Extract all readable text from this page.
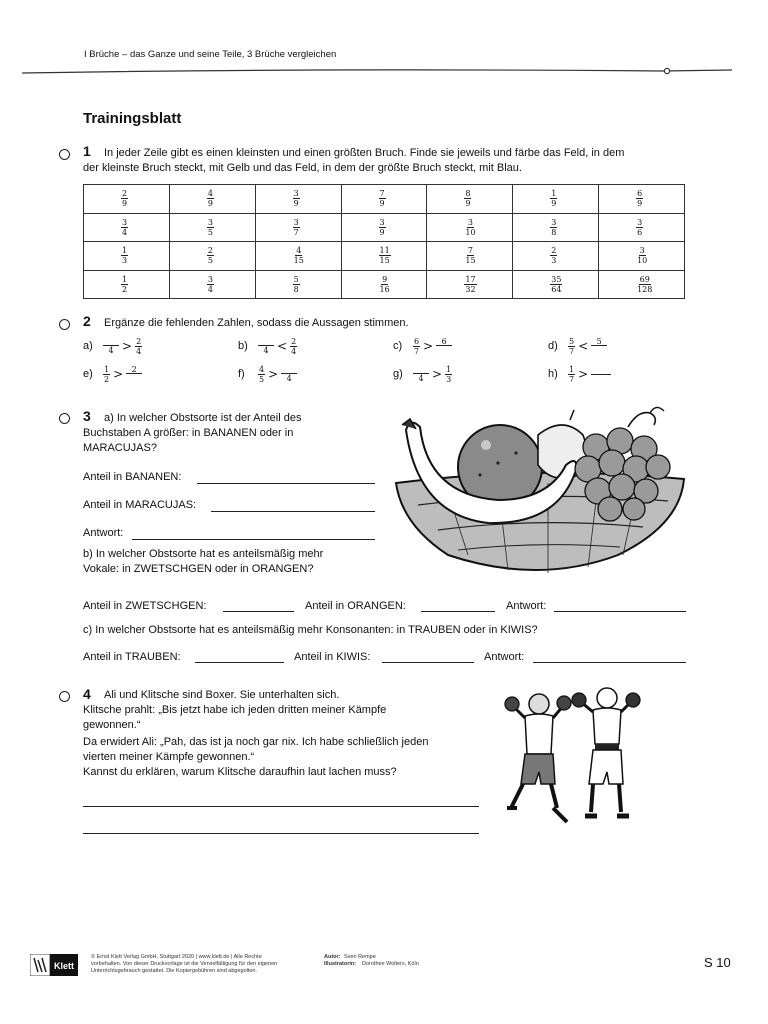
I Brüche – das Ganze und seine Teile, 3 Brüche vergleichen
Trainingsblatt
1 In jeder Zeile gibt es einen kleinsten und einen größten Bruch. Finde sie jeweils und färbe das Feld, in dem
der kleinste Bruch steckt, mit Gelb und das Feld, in dem der größte Bruch steckt, mit Blau.
$\frac{2}{9}$	$\frac{4}{9}$	$\frac{3}{9}$	$\frac{7}{9}$	$\frac{8}{9}$	$\frac{1}{9}$	$\frac{6}{9}$

$\frac{3}{4}$	$\frac{3}{5}$	$\frac{3}{7}$	$\frac{3}{9}$	$\frac{3}{10}$	$\frac{3}{8}$	$\frac{3}{6}$

$\frac{1}{3}$	$\frac{2}{5}$	$\frac{4}{15}$	$\frac{11}{15}$	$\frac{7}{15}$	$\frac{2}{3}$	$\frac{3}{10}$

$\frac{1}{2}$	$\frac{3}{4}$	$\frac{5}{8}$	$\frac{9}{16}$	$\frac{17}{32}$	$\frac{35}{64}$	$\frac{69}{128}$
2 Ergänze die fehlenden Zahlen, sodass die Aussagen stimmen.
a)	$4 > \frac{2}{4}$	b)	$4 < \frac{2}{4}$	c)	$\frac{6}{7}$ >	6	d)	$\frac{5}{7}$ <	5
e)	$\frac{1}{2}$ >	2	f)	$\frac{4}{5} > 4$	g)	$4 > \frac{1}{3}$	h)	$\frac{1}{7}$ >
3 a) In welcher Obstsorte ist der Anteil des
Buchstaben A größer: in BANANEN oder in
MARACUJAS?
Anteil in BANANEN:
Anteil in MARACUJAS:
Antwort:
b) In welcher Obstsorte hat es anteilsmäßig mehr
Vokale: in ZWETSCHGEN oder in ORANGEN?
Anteil in ZWETSCHGEN:	Anteil in ORANGEN:	Antwort:
c) In welcher Obstsorte hat es anteilsmäßig mehr Konsonanten: in TRAUBEN oder in KIWIS?
Anteil in TRAUBEN:	Anteil in KIWIS:	Antwort:
4 Ali und Klitsche sind Boxer. Sie unterhalten sich.
Klitsche prahlt: „Bis jetzt habe ich jeden dritten meiner Kämpfe
gewonnen.“
Da erwidert Ali: „Pah, das ist ja noch gar nix. Ich habe schließlich jeden
vierten meiner Kämpfe gewonnen.“
Kannst du erklären, warum Klitsche daraufhin laut lachen muss?
Klett
© Ernst Klett Verlag GmbH, Stuttgart 2020 | www.klett.de | Alle Rechte
vorbehalten. Von dieser Druckvorlage ist die Vervielfältigung für den eigenen
Unterrichtsgebrauch gestattet. Die Kopiergebühren sind abgegolten.
Autor: Sven Rempe
Illustratorin: Dorothee Wolters, Köln	S 10
